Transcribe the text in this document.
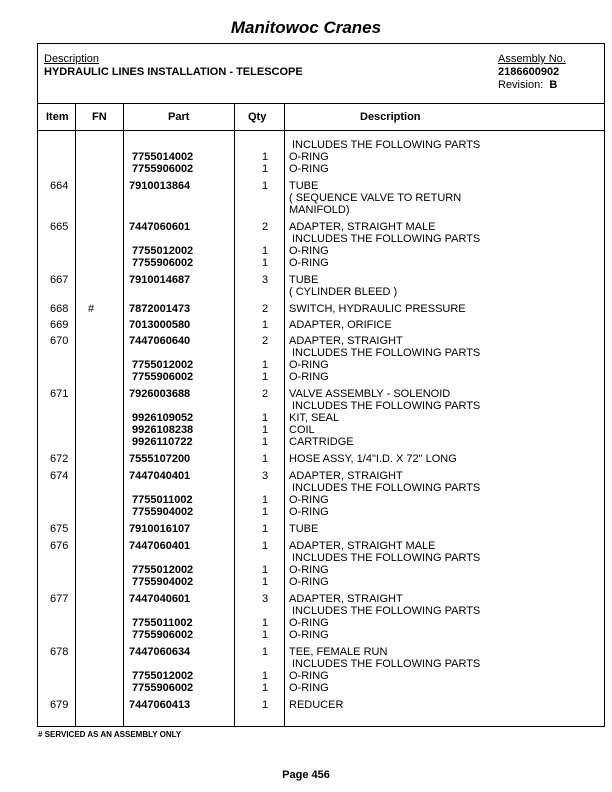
Manitowoc Cranes
Description
HYDRAULIC LINES INSTALLATION - TELESCOPE
Assembly No.
2186600902
Revision: B
Item FN	Part	Qty	Description
INCLUDES THE FOLLOWING PARTS
7755014002	1 O-RING
7755906002	1 O-RING
664	7910013864	1 TUBE
( SEQUENCE VALVE TO RETURN
MANIFOLD)
665	7447060601	2 ADAPTER, STRAIGHT MALE
INCLUDES THE FOLLOWING PARTS
7755012002	1 O-RING
7755906002	1 O-RING
667	7910014687	3 TUBE
( CYLINDER BLEED )
668	#	7872001473	2 SWITCH, HYDRAULIC PRESSURE
669	7013000580	1 ADAPTER, ORIFICE
670	7447060640	2 ADAPTER, STRAIGHT
INCLUDES THE FOLLOWING PARTS
7755012002	1 O-RING
7755906002	1 O-RING
671	7926003688	2 VALVE ASSEMBLY - SOLENOID
INCLUDES THE FOLLOWING PARTS
9926109052	1 KIT, SEAL
9926108238	1 COIL
9926110722	1 CARTRIDGE
672	7555107200	1 HOSE ASSY, 1/4"I.D. X 72" LONG
674	7447040401	3 ADAPTER, STRAIGHT
INCLUDES THE FOLLOWING PARTS
7755011002	1 O-RING
7755904002	1 O-RING
675	7910016107	1 TUBE
676	7447060401	1 ADAPTER, STRAIGHT MALE
INCLUDES THE FOLLOWING PARTS
7755012002	1 O-RING
7755904002	1 O-RING
677	7447040601	3 ADAPTER, STRAIGHT
INCLUDES THE FOLLOWING PARTS
7755011002	1 O-RING
7755906002	1 O-RING
678	7447060634	1 TEE, FEMALE RUN
INCLUDES THE FOLLOWING PARTS
7755012002	1 O-RING
7755906002	1 O-RING
679	7447060413	1 REDUCER
# SERVICED AS AN ASSEMBLY ONLY
Page 456
